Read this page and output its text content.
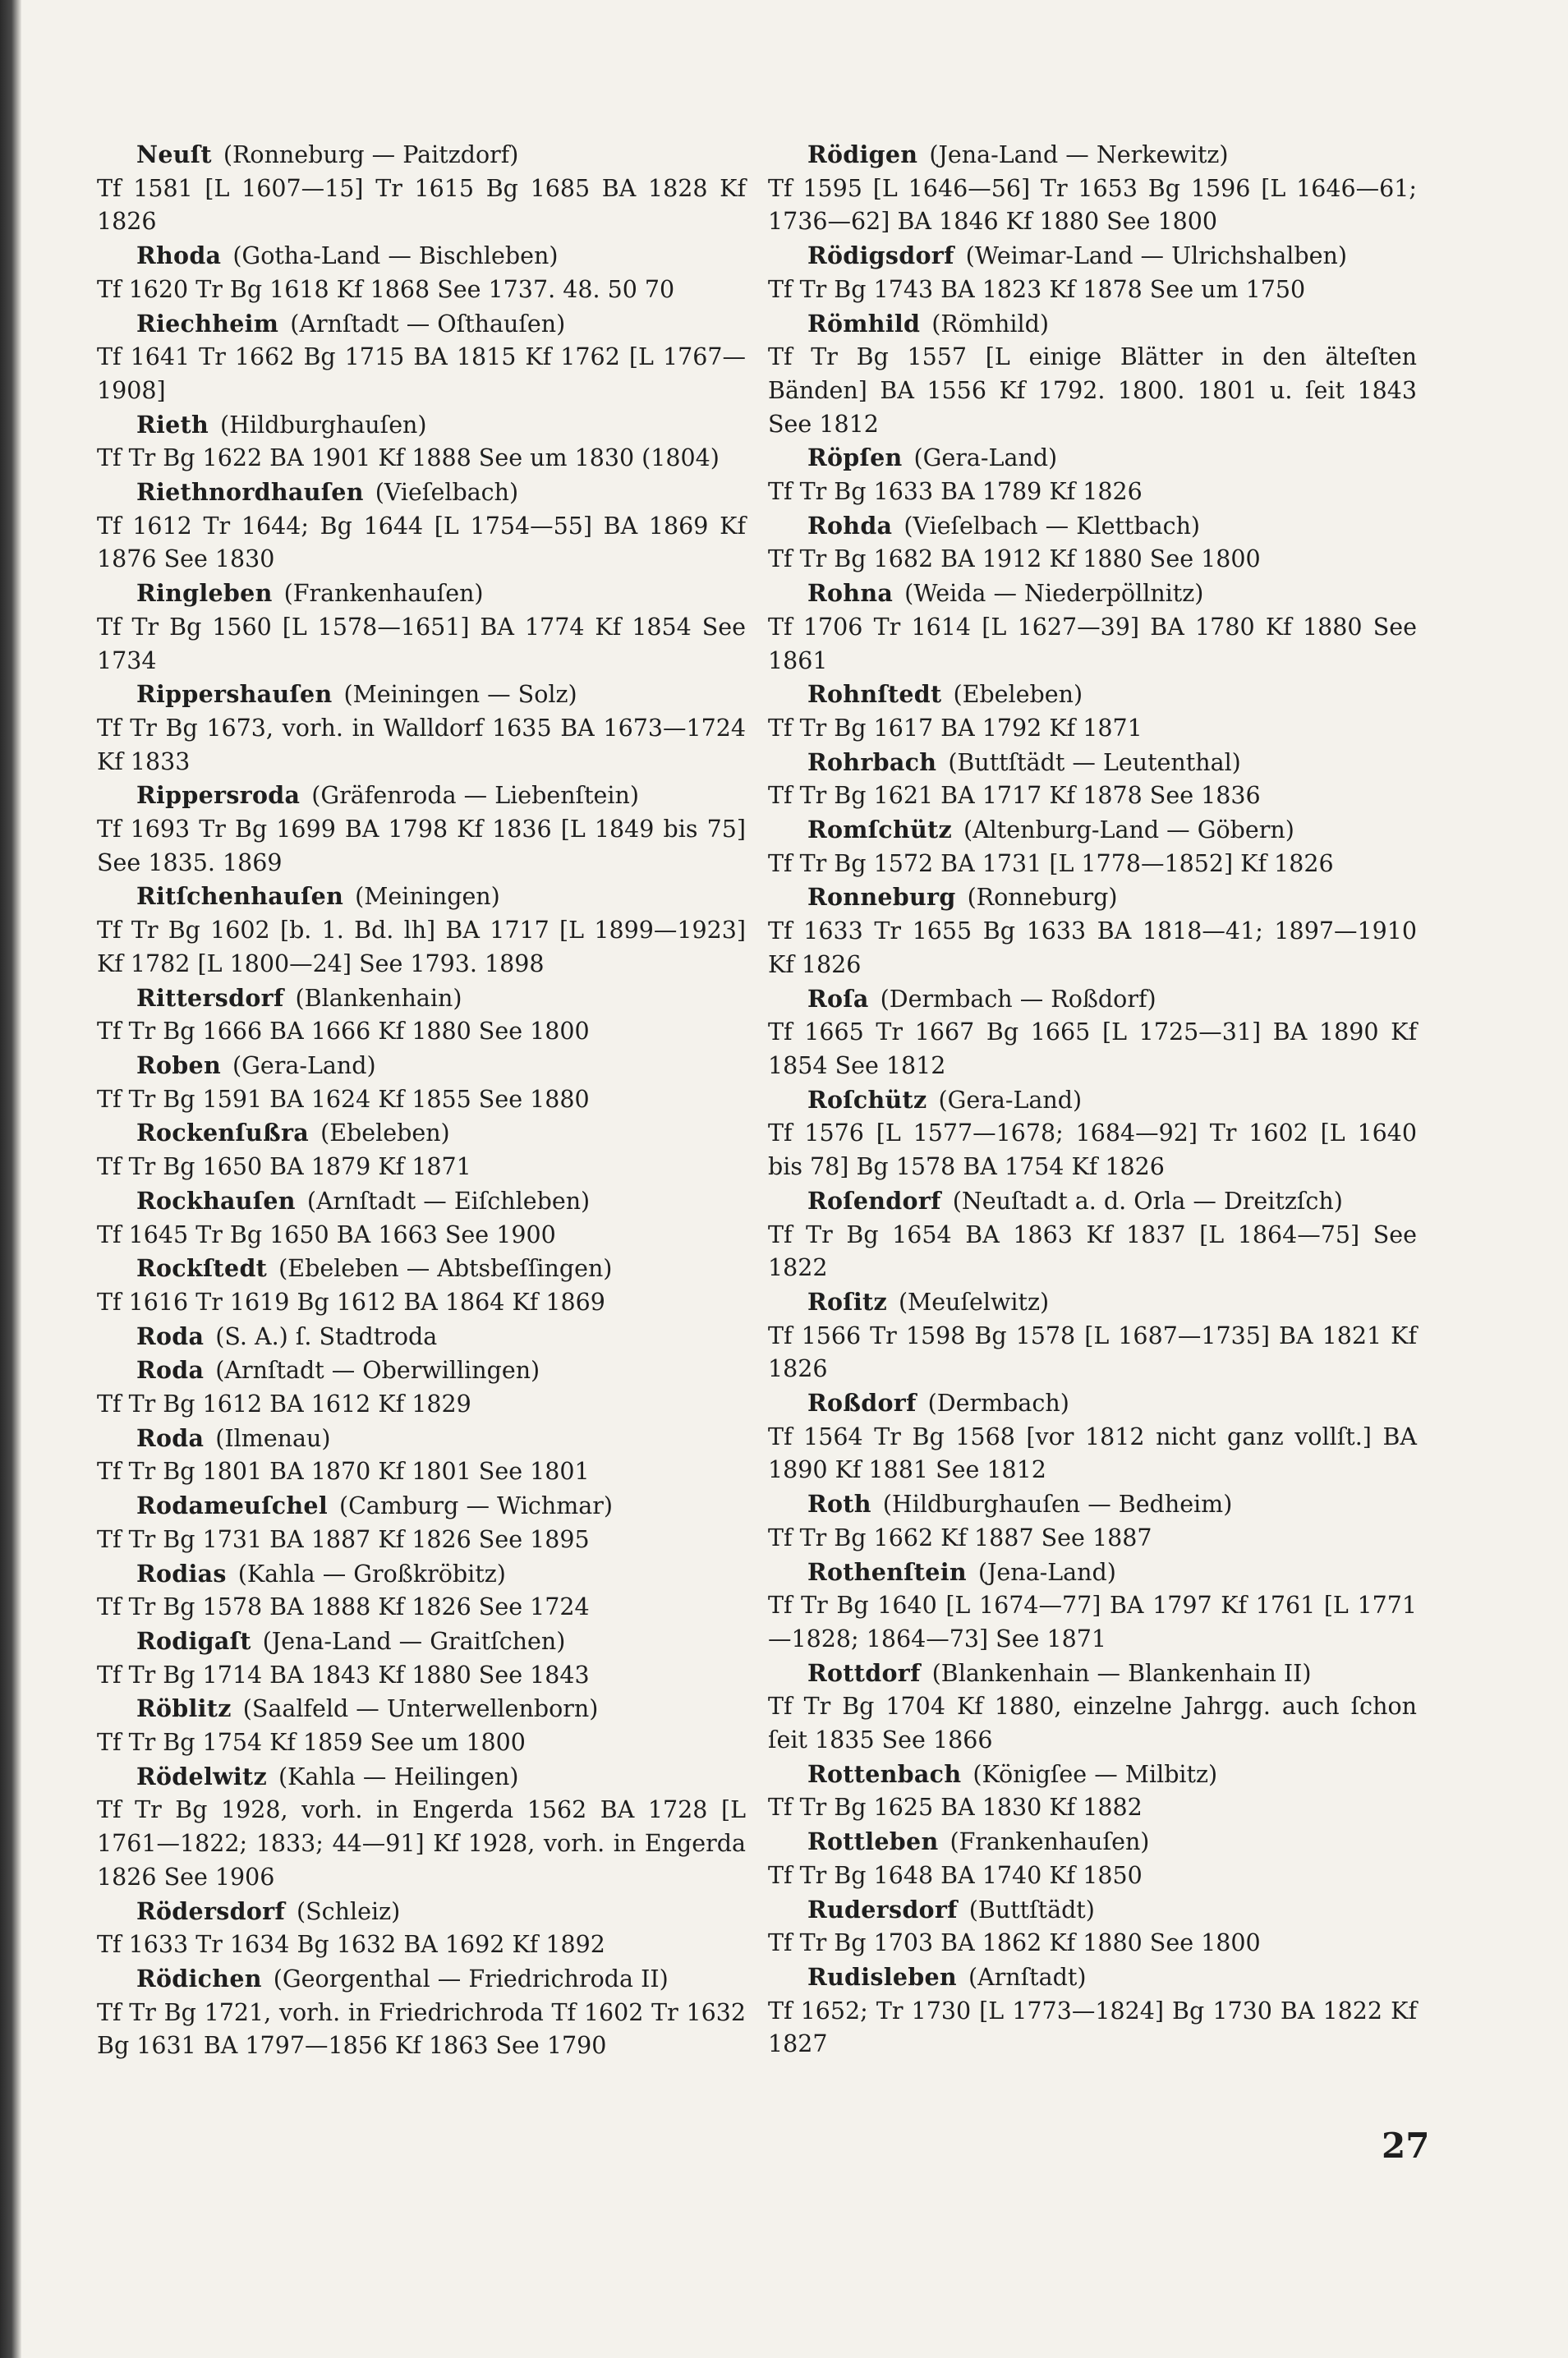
Neuſt (Ronneburg — Paitzdorf)
Tf 1581 [L 1607—15] Tr 1615 Bg 1685 BA 1828 Kf 1826
Rhoda (Gotha-Land — Bischleben)
Tf 1620 Tr Bg 1618 Kf 1868 See 1737. 48. 50 70
Riechheim (Arnſtadt — Oſthauſen)
Tf 1641 Tr 1662 Bg 1715 BA 1815 Kf 1762 [L 1767—1908]
Rieth (Hildburghauſen)
Tf Tr Bg 1622 BA 1901 Kf 1888 See um 1830 (1804)
Riethnordhauſen (Vieſelbach)
Tf 1612 Tr 1644; Bg 1644 [L 1754—55] BA 1869 Kf 1876 See 1830
Ringleben (Frankenhauſen)
Tf Tr Bg 1560 [L 1578—1651] BA 1774 Kf 1854 See 1734
Rippershauſen (Meiningen — Solz)
Tf Tr Bg 1673, vorh. in Walldorf 1635 BA 1673—1724 Kf 1833
Rippersroda (Gräfenroda — Liebenſtein)
Tf 1693 Tr Bg 1699 BA 1798 Kf 1836 [L 1849 bis 75] See 1835. 1869
Ritſchenhauſen (Meiningen)
Tf Tr Bg 1602 [b. 1. Bd. lh] BA 1717 [L 1899—1923] Kf 1782 [L 1800—24] See 1793. 1898
Rittersdorf (Blankenhain)
Tf Tr Bg 1666 BA 1666 Kf 1880 See 1800
Roben (Gera-Land)
Tf Tr Bg 1591 BA 1624 Kf 1855 See 1880
Rockenſußra (Ebeleben)
Tf Tr Bg 1650 BA 1879 Kf 1871
Rockhauſen (Arnſtadt — Eiſchleben)
Tf 1645 Tr Bg 1650 BA 1663 See 1900
Rockſtedt (Ebeleben — Abtsbeſſingen)
Tf 1616 Tr 1619 Bg 1612 BA 1864 Kf 1869
Roda (S. A.) ſ. Stadtroda
Roda (Arnſtadt — Oberwillingen)
Tf Tr Bg 1612 BA 1612 Kf 1829
Roda (Ilmenau)
Tf Tr Bg 1801 BA 1870 Kf 1801 See 1801
Rodameuſchel (Camburg — Wichmar)
Tf Tr Bg 1731 BA 1887 Kf 1826 See 1895
Rodias (Kahla — Großkröbitz)
Tf Tr Bg 1578 BA 1888 Kf 1826 See 1724
Rodigaſt (Jena-Land — Graitſchen)
Tf Tr Bg 1714 BA 1843 Kf 1880 See 1843
Röblitz (Saalfeld — Unterwellenborn)
Tf Tr Bg 1754 Kf 1859 See um 1800
Rödelwitz (Kahla — Heilingen)
Tf Tr Bg 1928, vorh. in Engerda 1562 BA 1728 [L 1761—1822; 1833; 44—91] Kf 1928, vorh. in Engerda 1826 See 1906
Rödersdorf (Schleiz)
Tf 1633 Tr 1634 Bg 1632 BA 1692 Kf 1892
Rödichen (Georgenthal — Friedrichroda II)
Tf Tr Bg 1721, vorh. in Friedrichroda Tf 1602 Tr 1632 Bg 1631 BA 1797—1856 Kf 1863 See 1790
Rödigen (Jena-Land — Nerkewitz)
Tf 1595 [L 1646—56] Tr 1653 Bg 1596 [L 1646—61; 1736—62] BA 1846 Kf 1880 See 1800
Rödigsdorf (Weimar-Land — Ulrichshalben)
Tf Tr Bg 1743 BA 1823 Kf 1878 See um 1750
Römhild (Römhild)
Tf Tr Bg 1557 [L einige Blätter in den älteſten Bänden] BA 1556 Kf 1792. 1800. 1801 u. ſeit 1843 See 1812
Röpſen (Gera-Land)
Tf Tr Bg 1633 BA 1789 Kf 1826
Rohda (Vieſelbach — Klettbach)
Tf Tr Bg 1682 BA 1912 Kf 1880 See 1800
Rohna (Weida — Niederpöllnitz)
Tf 1706 Tr 1614 [L 1627—39] BA 1780 Kf 1880 See 1861
Rohnſtedt (Ebeleben)
Tf Tr Bg 1617 BA 1792 Kf 1871
Rohrbach (Buttſtädt — Leutenthal)
Tf Tr Bg 1621 BA 1717 Kf 1878 See 1836
Romſchütz (Altenburg-Land — Göbern)
Tf Tr Bg 1572 BA 1731 [L 1778—1852] Kf 1826
Ronneburg (Ronneburg)
Tf 1633 Tr 1655 Bg 1633 BA 1818—41; 1897—1910 Kf 1826
Roſa (Dermbach — Roßdorf)
Tf 1665 Tr 1667 Bg 1665 [L 1725—31] BA 1890 Kf 1854 See 1812
Roſchütz (Gera-Land)
Tf 1576 [L 1577—1678; 1684—92] Tr 1602 [L 1640 bis 78] Bg 1578 BA 1754 Kf 1826
Roſendorf (Neuſtadt a. d. Orla — Dreitzſch)
Tf Tr Bg 1654 BA 1863 Kf 1837 [L 1864—75] See 1822
Roſitz (Meuſelwitz)
Tf 1566 Tr 1598 Bg 1578 [L 1687—1735] BA 1821 Kf 1826
Roßdorf (Dermbach)
Tf 1564 Tr Bg 1568 [vor 1812 nicht ganz vollſt.] BA 1890 Kf 1881 See 1812
Roth (Hildburghauſen — Bedheim)
Tf Tr Bg 1662 Kf 1887 See 1887
Rothenſtein (Jena-Land)
Tf Tr Bg 1640 [L 1674—77] BA 1797 Kf 1761 [L 1771—1828; 1864—73] See 1871
Rottdorf (Blankenhain — Blankenhain II)
Tf Tr Bg 1704 Kf 1880, einzelne Jahrgg. auch ſchon ſeit 1835 See 1866
Rottenbach (Königſee — Milbitz)
Tf Tr Bg 1625 BA 1830 Kf 1882
Rottleben (Frankenhauſen)
Tf Tr Bg 1648 BA 1740 Kf 1850
Rudersdorf (Buttſtädt)
Tf Tr Bg 1703 BA 1862 Kf 1880 See 1800
Rudisleben (Arnſtadt)
Tf 1652; Tr 1730 [L 1773—1824] Bg 1730 BA 1822 Kf 1827
27
